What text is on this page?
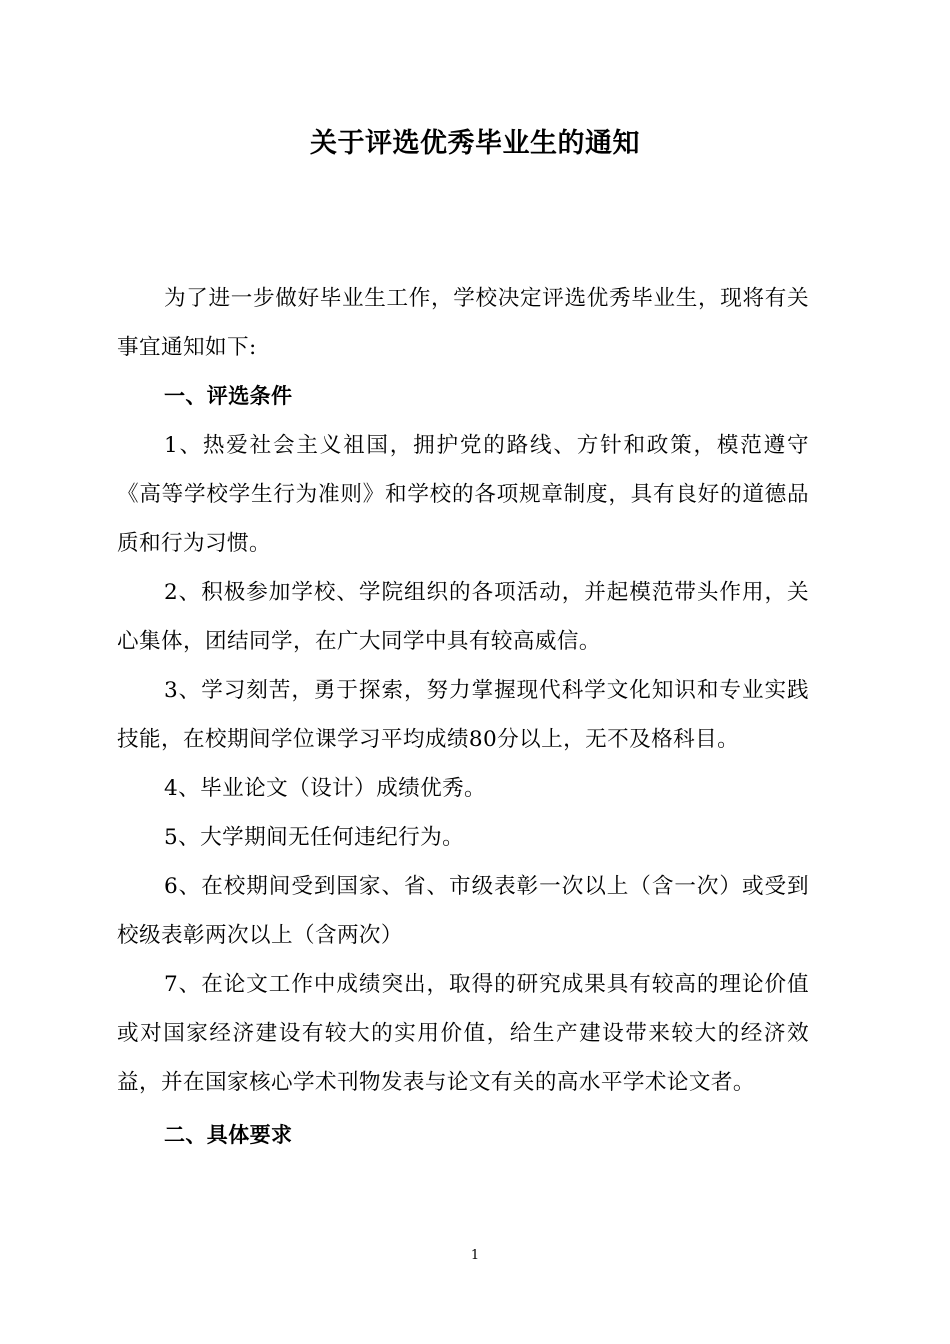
关于评选优秀毕业生的通知

为了进一步做好毕业生工作，学校决定评选优秀毕业生，现将有关事宜通知如下:

一、评选条件

1、热爱社会主义祖国，拥护党的路线、方针和政策，模范遵守《高等学校学生行为准则》和学校的各项规章制度，具有良好的道德品质和行为习惯。

2、积极参加学校、学院组织的各项活动，并起模范带头作用，关心集体，团结同学，在广大同学中具有较高威信。

3、学习刻苦，勇于探索，努力掌握现代科学文化知识和专业实践技能，在校期间学位课学习平均成绩80分以上，无不及格科目。

4、毕业论文（设计）成绩优秀。

5、大学期间无任何违纪行为。

6、在校期间受到国家、省、市级表彰一次以上（含一次）或受到校级表彰两次以上（含两次）

7、在论文工作中成绩突出，取得的研究成果具有较高的理论价值或对国家经济建设有较大的实用价值，给生产建设带来较大的经济效益，并在国家核心学术刊物发表与论文有关的高水平学术论文者。

二、具体要求

1
